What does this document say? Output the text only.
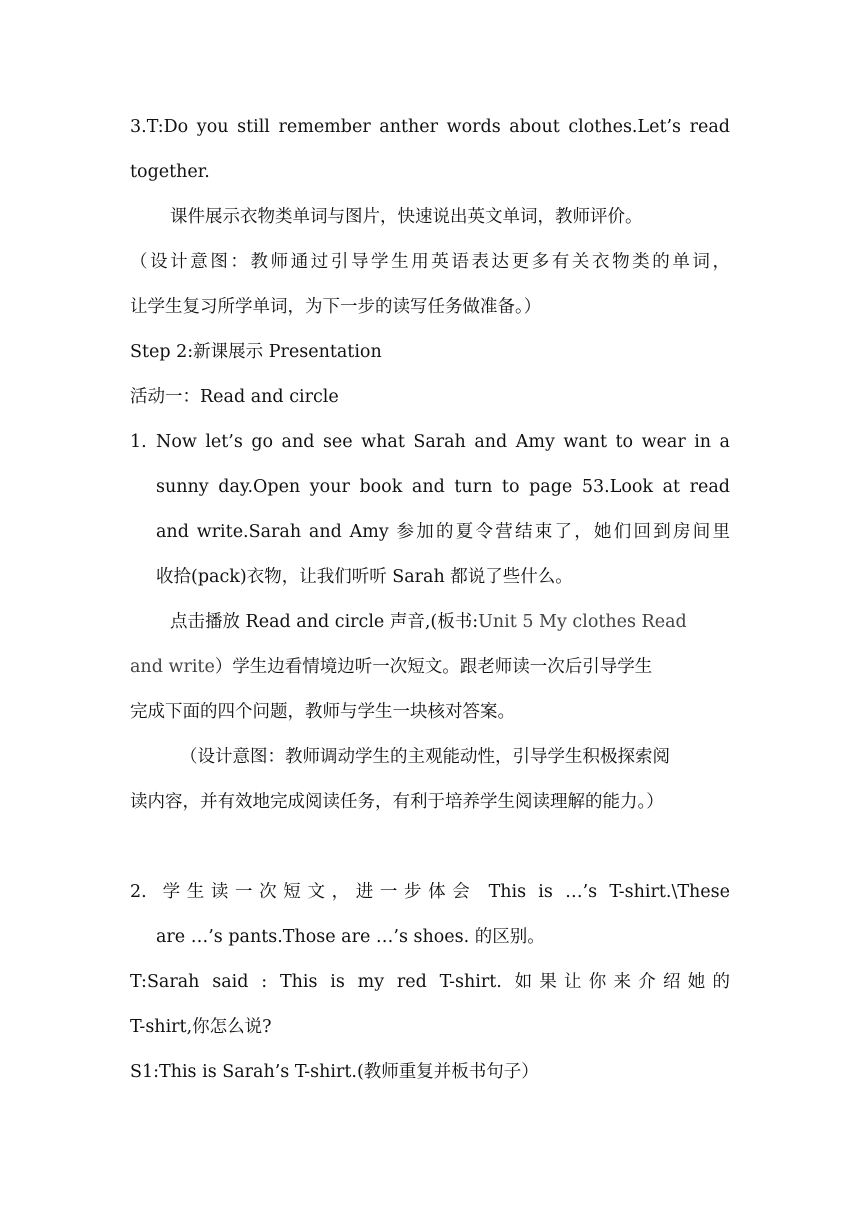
3.T:Do you still remember anther words about clothes.Let’s read
together.
课件展示衣物类单词与图片，快速说出英文单词，教师评价。
（设计意图：教师通过引导学生用英语表达更多有关衣物类的单词，
让学生复习所学单词，为下一步的读写任务做准备。）
Step 2:新课展示 Presentation
活动一：Read and circle
1. Now let’s go and see what Sarah and Amy want to wear in a
sunny day.Open your book and turn to page 53.Look at read
and write.Sarah and Amy 参加的夏令营结束了，她们回到房间里
收拾(pack)衣物，让我们听听 Sarah 都说了些什么。
点击播放 Read and circle 声音,(板书:Unit 5 My clothes Read
and write）学生边看情境边听一次短文。跟老师读一次后引导学生
完成下面的四个问题，教师与学生一块核对答案。
（设计意图：教师调动学生的主观能动性，引导学生积极探索阅
读内容，并有效地完成阅读任务，有利于培养学生阅读理解的能力。）
2. 学生读一次短文，进一步体会 This is …’s T-shirt.\These
are …’s pants.Those are …’s shoes. 的区别。
T:Sarah said : This is my red T-shirt. 如果让你来介绍她的
T-shirt,你怎么说?
S1:This is Sarah’s T-shirt.(教师重复并板书句子）
